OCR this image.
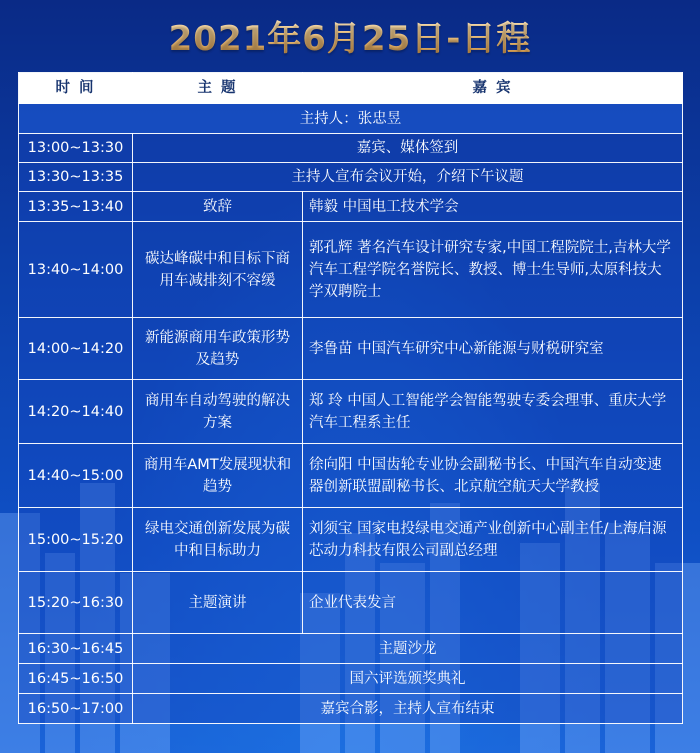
2021年6月25日-日程
时 间	主 题	嘉 宾
主持人：张忠昱		
13:00~13:30	嘉宾、媒体签到	
13:30~13:35	主持人宣布会议开始，介绍下午议题	
13:35~13:40	致辞	韩毅 中国电工技术学会
13:40~14:00	碳达峰碳中和目标下商用车减排刻不容缓	郭孔辉 著名汽车设计研究专家,中国工程院院士,吉林大学汽车工程学院名誉院长、教授、博士生导师,太原科技大学双聘院士
14:00~14:20	新能源商用车政策形势及趋势	李鲁苗 中国汽车研究中心新能源与财税研究室
14:20~14:40	商用车自动驾驶的解决方案	郑 玲 中国人工智能学会智能驾驶专委会理事、重庆大学汽车工程系主任
14:40~15:00	商用车AMT发展现状和趋势	徐向阳 中国齿轮专业协会副秘书长、中国汽车自动变速器创新联盟副秘书长、北京航空航天大学教授
15:00~15:20	绿电交通创新发展为碳中和目标助力	刘须宝 国家电投绿电交通产业创新中心副主任/上海启源芯动力科技有限公司副总经理
15:20~16:30	主题演讲	企业代表发言
16:30~16:45	主题沙龙	
16:45~16:50	国六评选颁奖典礼	
16:50~17:00	嘉宾合影，主持人宣布结束	
